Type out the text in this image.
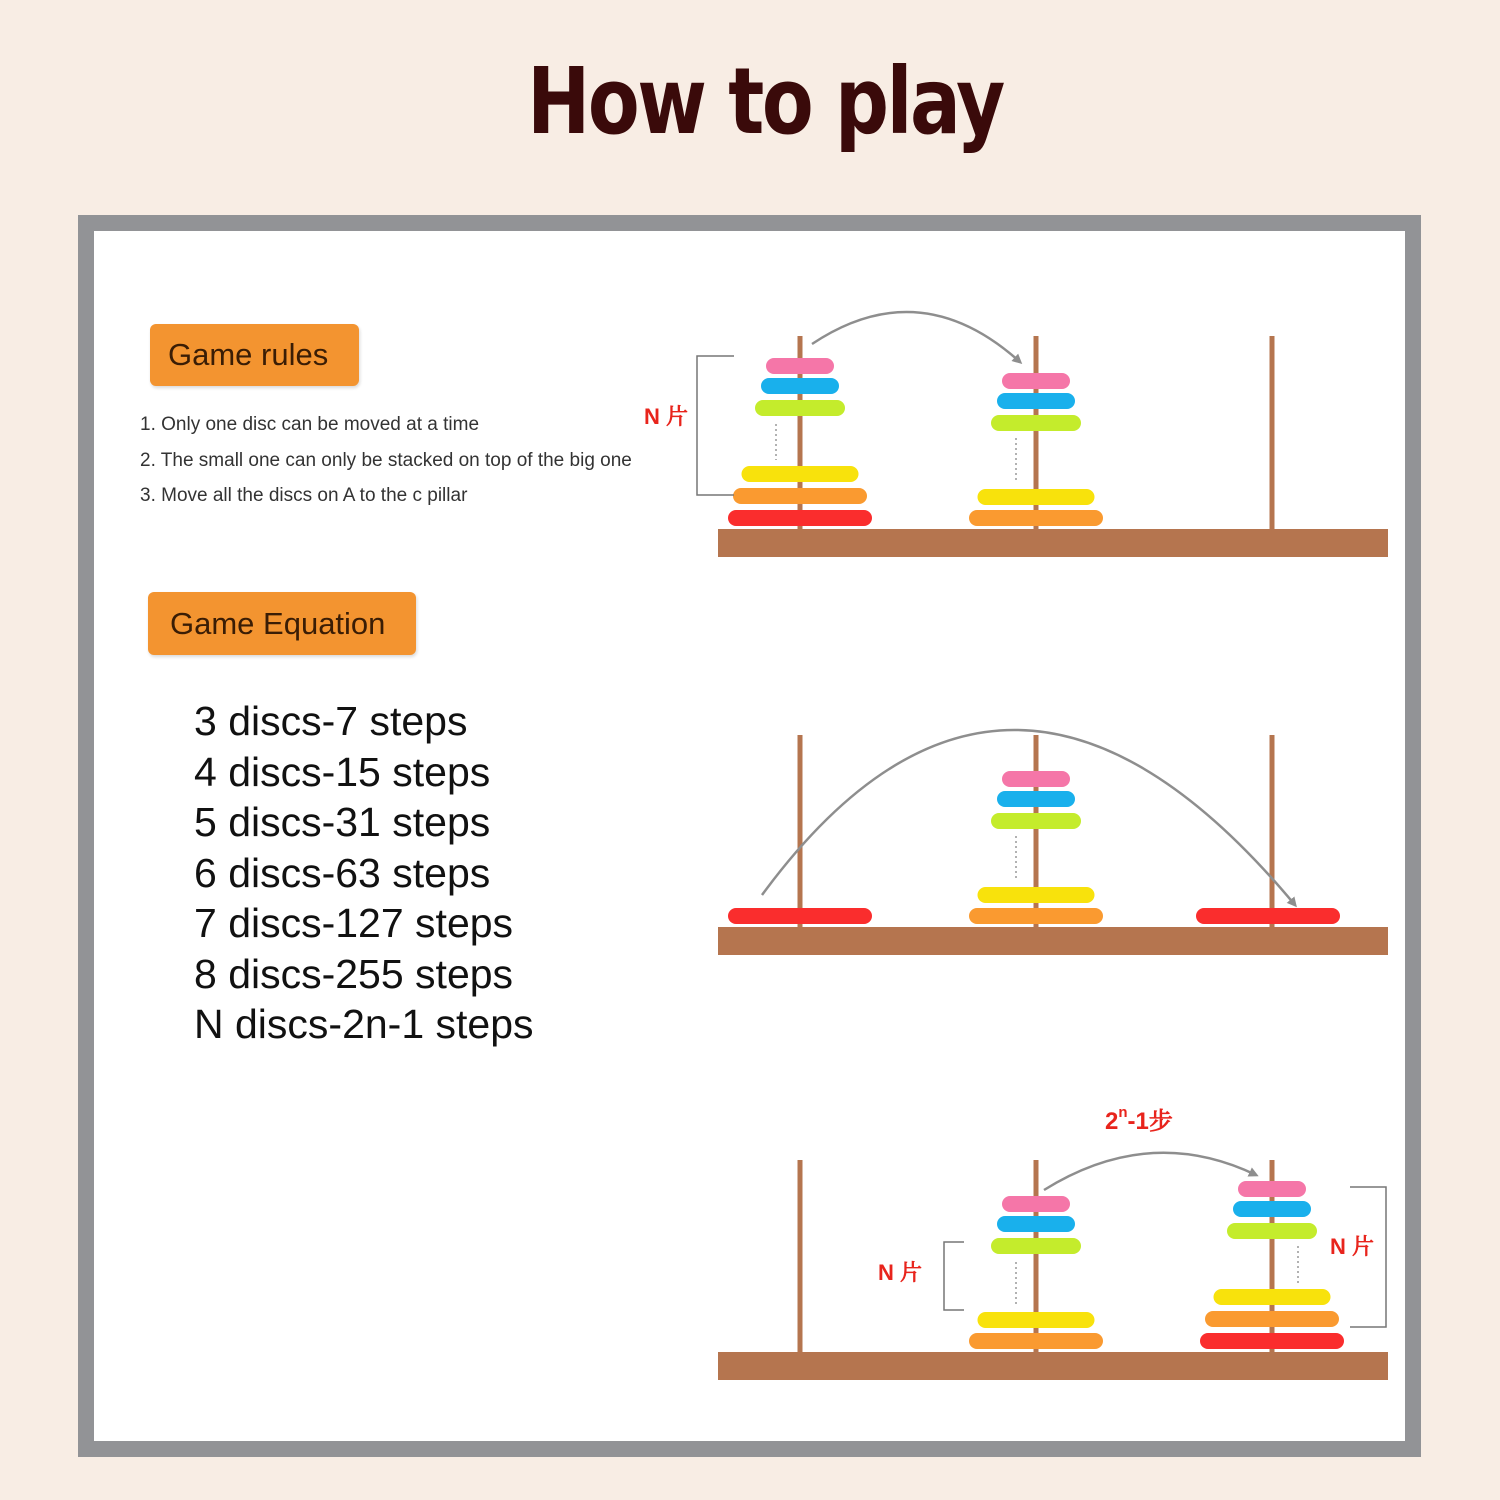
How to play
Game rules
1. Only one disc can be moved at a time
2. The small one can only be stacked on top of the big one
3. Move all the discs on A to the c pillar
Game Equation
3 discs-7 steps
4 discs-15 steps
5 discs-31 steps
6 discs-63 steps
7 discs-127 steps
8 discs-255 steps
N discs-2n-1 steps
N 片
N 片
N 片
2$^n$-1步
